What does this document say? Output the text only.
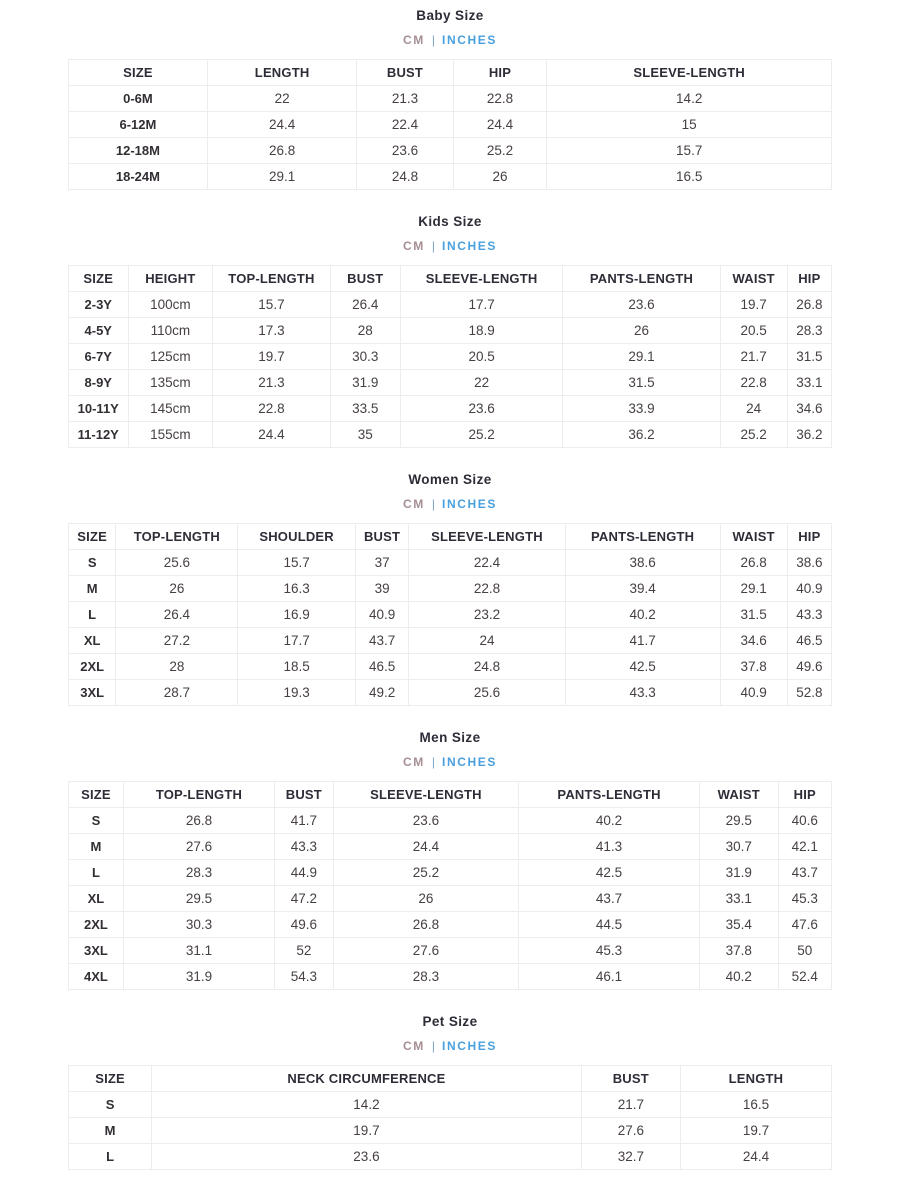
Baby Size
CM | INCHES
SIZE	LENGTH	BUST	HIP	SLEEVE-LENGTH
0-6M	22	21.3	22.8	14.2
6-12M	24.4	22.4	24.4	15
12-18M	26.8	23.6	25.2	15.7
18-24M	29.1	24.8	26	16.5
Kids Size
CM | INCHES
SIZE	HEIGHT	TOP-LENGTH	BUST	SLEEVE-LENGTH	PANTS-LENGTH	WAIST	HIP
2-3Y	100cm	15.7	26.4	17.7	23.6	19.7	26.8
4-5Y	110cm	17.3	28	18.9	26	20.5	28.3
6-7Y	125cm	19.7	30.3	20.5	29.1	21.7	31.5
8-9Y	135cm	21.3	31.9	22	31.5	22.8	33.1
10-11Y	145cm	22.8	33.5	23.6	33.9	24	34.6
11-12Y	155cm	24.4	35	25.2	36.2	25.2	36.2
Women Size
CM | INCHES
SIZE	TOP-LENGTH	SHOULDER	BUST	SLEEVE-LENGTH	PANTS-LENGTH	WAIST	HIP
S	25.6	15.7	37	22.4	38.6	26.8	38.6
M	26	16.3	39	22.8	39.4	29.1	40.9
L	26.4	16.9	40.9	23.2	40.2	31.5	43.3
XL	27.2	17.7	43.7	24	41.7	34.6	46.5
2XL	28	18.5	46.5	24.8	42.5	37.8	49.6
3XL	28.7	19.3	49.2	25.6	43.3	40.9	52.8
Men Size
CM | INCHES
SIZE	TOP-LENGTH	BUST	SLEEVE-LENGTH	PANTS-LENGTH	WAIST	HIP
S	26.8	41.7	23.6	40.2	29.5	40.6
M	27.6	43.3	24.4	41.3	30.7	42.1
L	28.3	44.9	25.2	42.5	31.9	43.7
XL	29.5	47.2	26	43.7	33.1	45.3
2XL	30.3	49.6	26.8	44.5	35.4	47.6
3XL	31.1	52	27.6	45.3	37.8	50
4XL	31.9	54.3	28.3	46.1	40.2	52.4
Pet Size
CM | INCHES
SIZE	NECK CIRCUMFERENCE	BUST	LENGTH
S	14.2	21.7	16.5
M	19.7	27.6	19.7
L	23.6	32.7	24.4
